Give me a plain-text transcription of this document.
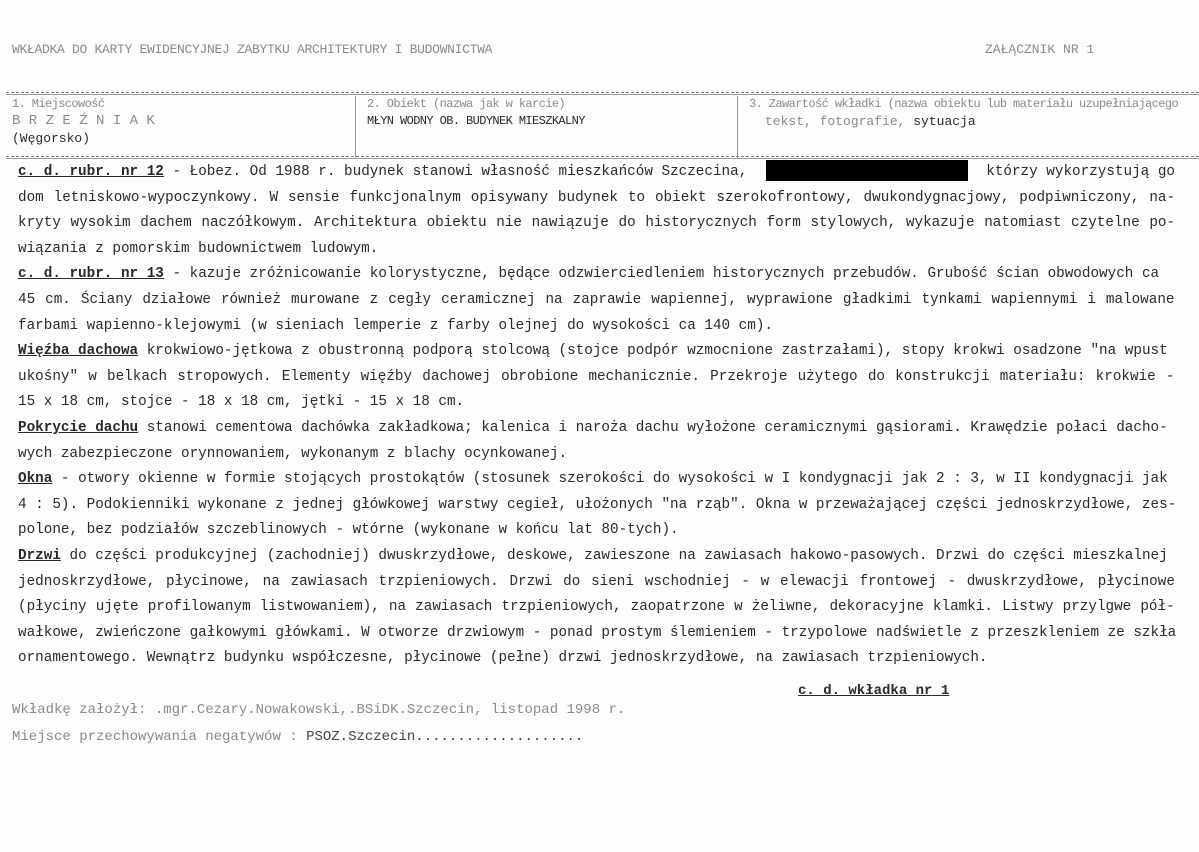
WKŁADKA DO KARTY EWIDENCYJNEJ ZABYTKU ARCHITEKTURY I BUDOWNICTWA	ZAŁĄCZNIK NR 1
1. Miejscowość
B R Z E Ź N I A K
(Węgorsko)
2. Obiekt (nazwa jak w karcie)
MŁYN WODNY OB. BUDYNEK MIESZKALNY
3. Zawartość wkładki (nazwa obiektu lub materiału uzupełniającego
tekst, fotografie, sytuacja
c. d. rubr. nr 12 - Łobez. Od 1988 r. budynek stanowi własność mieszkańców Szczecina,	którzy wykorzystują go
dom letniskowo-wypoczynkowy. W sensie funkcjonalnym opisywany budynek to obiekt szerokofrontowy, dwukondygnacjowy, podpiwniczony, na-
kryty wysokim dachem naczółkowym. Architektura obiektu nie nawiązuje do historycznych form stylowych, wykazuje natomiast czytelne po-
wiązania z pomorskim budownictwem ludowym.
c. d. rubr. nr 13 - kazuje zróżnicowanie kolorystyczne, będące odzwierciedleniem historycznych przebudów. Grubość ścian obwodowych ca
45 cm. Ściany działowe również murowane z cegły ceramicznej na zaprawie wapiennej, wyprawione gładkimi tynkami wapiennymi i malowane
farbami wapienno-klejowymi (w sieniach lemperie z farby olejnej do wysokości ca 140 cm).
Więźba dachowa krokwiowo-jętkowa z obustronną podporą stolcową (stojce podpór wzmocnione zastrzałami), stopy krokwi osadzone "na wpust
ukośny" w belkach stropowych. Elementy więźby dachowej obrobione mechanicznie. Przekroje użytego do konstrukcji materiału: krokwie -
15 x 18 cm, stojce - 18 x 18 cm, jętki - 15 x 18 cm.
Pokrycie dachu stanowi cementowa dachówka zakładkowa; kalenica i naroża dachu wyłożone ceramicznymi gąsiorami. Krawędzie połaci dacho-
wych zabezpieczone orynnowaniem, wykonanym z blachy ocynkowanej.
Okna - otwory okienne w formie stojących prostokątów (stosunek szerokości do wysokości w I kondygnacji jak 2 : 3, w II kondygnacji jak
4 : 5). Podokienniki wykonane z jednej główkowej warstwy cegieł, ułożonych "na rząb". Okna w przeważającej części jednoskrzydłowe, zes-
polone, bez podziałów szczeblinowych - wtórne (wykonane w końcu lat 80-tych).
Drzwi do części produkcyjnej (zachodniej) dwuskrzydłowe, deskowe, zawieszone na zawiasach hakowo-pasowych. Drzwi do części mieszkalnej
jednoskrzydłowe, płycinowe, na zawiasach trzpieniowych. Drzwi do sieni wschodniej - w elewacji frontowej - dwuskrzydłowe, płycinowe
(płyciny ujęte profilowanym listwowaniem), na zawiasach trzpieniowych, zaopatrzone w żeliwne, dekoracyjne klamki. Listwy przylgwe pół-
wałkowe, zwieńczone gałkowymi główkami. W otworze drzwiowym - ponad prostym ślemieniem - trzypolowe nadświetle z przeszkleniem ze szkła
ornamentowego. Wewnątrz budynku współczesne, płycinowe (pełne) drzwi jednoskrzydłowe, na zawiasach trzpieniowych.
c. d. wkładka nr 1
Wkładkę założył: .mgr.Cezary.Nowakowski,.BSiDK.Szczecin, listopad 1998 r.
Miejsce przechowywania negatywów : PSOZ.Szczecin....................
